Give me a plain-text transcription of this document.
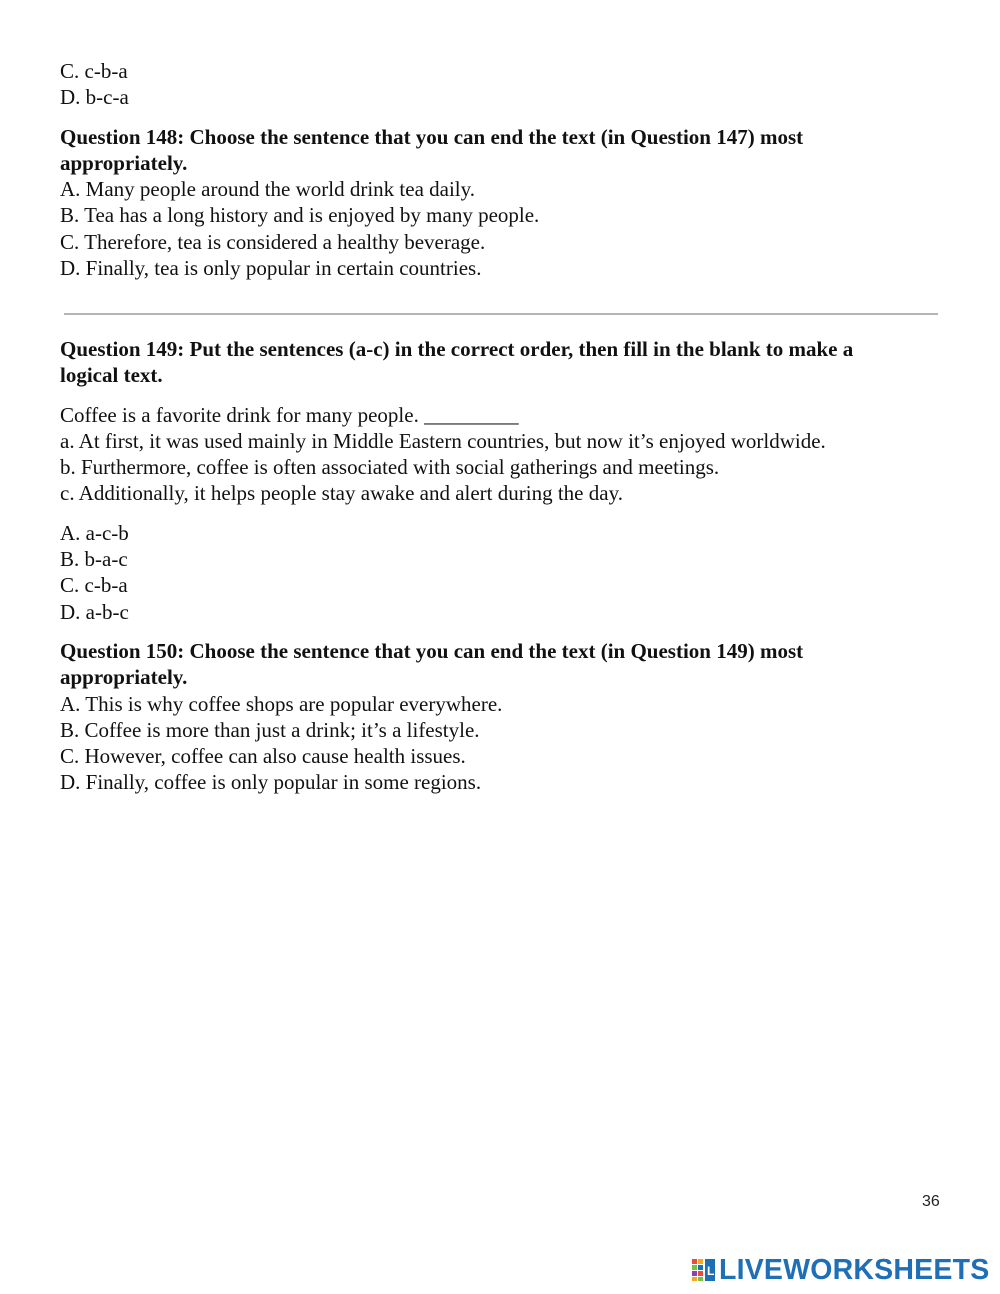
C. c-b-a
D. b-c-a
Question 148: Choose the sentence that you can end the text (in Question 147) most
appropriately.
A. Many people around the world drink tea daily.
B. Tea has a long history and is enjoyed by many people.
C. Therefore, tea is considered a healthy beverage.
D. Finally, tea is only popular in certain countries.
Question 149: Put the sentences (a-c) in the correct order, then fill in the blank to make a
logical text.
Coffee is a favorite drink for many people. _________
a. At first, it was used mainly in Middle Eastern countries, but now it’s enjoyed worldwide.
b. Furthermore, coffee is often associated with social gatherings and meetings.
c. Additionally, it helps people stay awake and alert during the day.
A. a-c-b
B. b-a-c
C. c-b-a
D. a-b-c
Question 150: Choose the sentence that you can end the text (in Question 149) most
appropriately.
A. This is why coffee shops are popular everywhere.
B. Coffee is more than just a drink; it’s a lifestyle.
C. However, coffee can also cause health issues.
D. Finally, coffee is only popular in some regions.
36
L LIVEWORKSHEETS
